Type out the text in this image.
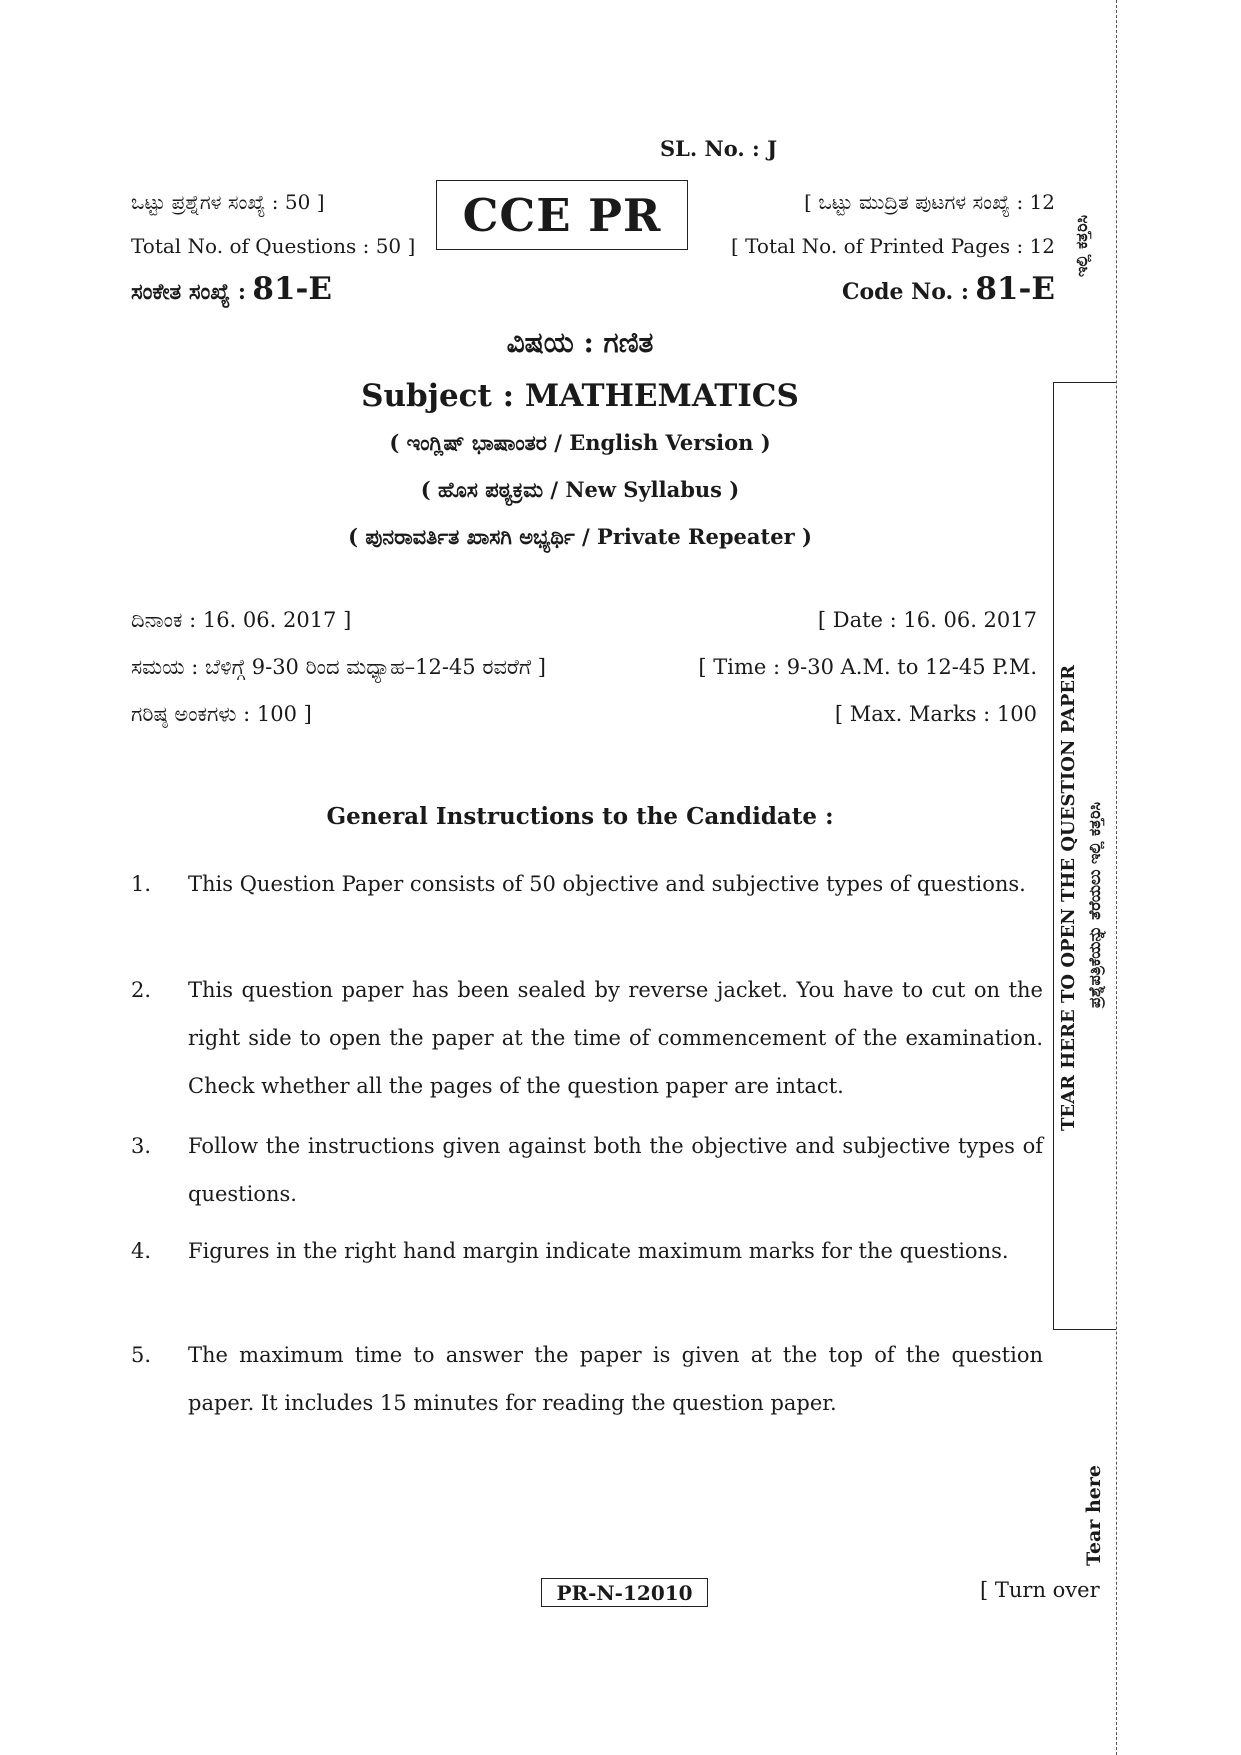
SL. No. : J
ಒಟ್ಟು ಪ್ರಶ್ನೆಗಳ ಸಂಖ್ಯೆ : 50 ]
Total No. of Questions : 50 ]
ಸಂಕೇತ ಸಂಖ್ಯೆ : 81-E
CCE PR	[ ಒಟ್ಟು ಮುದ್ರಿತ ಪುಟಗಳ ಸಂಖ್ಯೆ : 12
[ Total No. of Printed Pages : 12
Code No. : 81-E
ವಿಷಯ : ಗಣಿತ
Subject : MATHEMATICS
( ಇಂಗ್ಲಿಷ್ ಭಾಷಾಂತರ / English Version )
( ಹೊಸ ಪಠ್ಯಕ್ರಮ / New Syllabus )
( ಪುನರಾವರ್ತಿತ ಖಾಸಗಿ ಅಭ್ಯರ್ಥಿ / Private Repeater )
ದಿನಾಂಕ : 16. 06. 2017 ]	[ Date : 16. 06. 2017
ಸಮಯ : ಬೆಳಿಗ್ಗೆ 9-30 ರಿಂದ ಮಧ್ಯಾಹ–12-45 ರವರೆಗೆ ]	[ Time : 9-30 A.M. to 12-45 P.M.
ಗರಿಷ್ಠ ಅಂಕಗಳು : 100 ]	[ Max. Marks : 100
General Instructions to the Candidate :
1. This Question Paper consists of 50 objective and subjective types of questions.
2. This question paper has been sealed by reverse jacket. You have to cut on the right side to open the paper at the time of commencement of the examination. Check whether all the pages of the question paper are intact.
3. Follow the instructions given against both the objective and subjective types of questions.
4. Figures in the right hand margin indicate maximum marks for the questions.
5. The maximum time to answer the paper is given at the top of the question paper. It includes 15 minutes for reading the question paper.
ಇಲ್ಲಿ ಕತ್ತರಿಸಿ
TEAR HERE TO OPEN THE QUESTION PAPER ಪ್ರಶ್ನೆಪತ್ರಿಕೆಯನ್ನು ತೆರೆಯಲು ಇಲ್ಲಿ ಕತ್ತರಿಸಿ
Tear here
PR-N-12010	[ Turn over
